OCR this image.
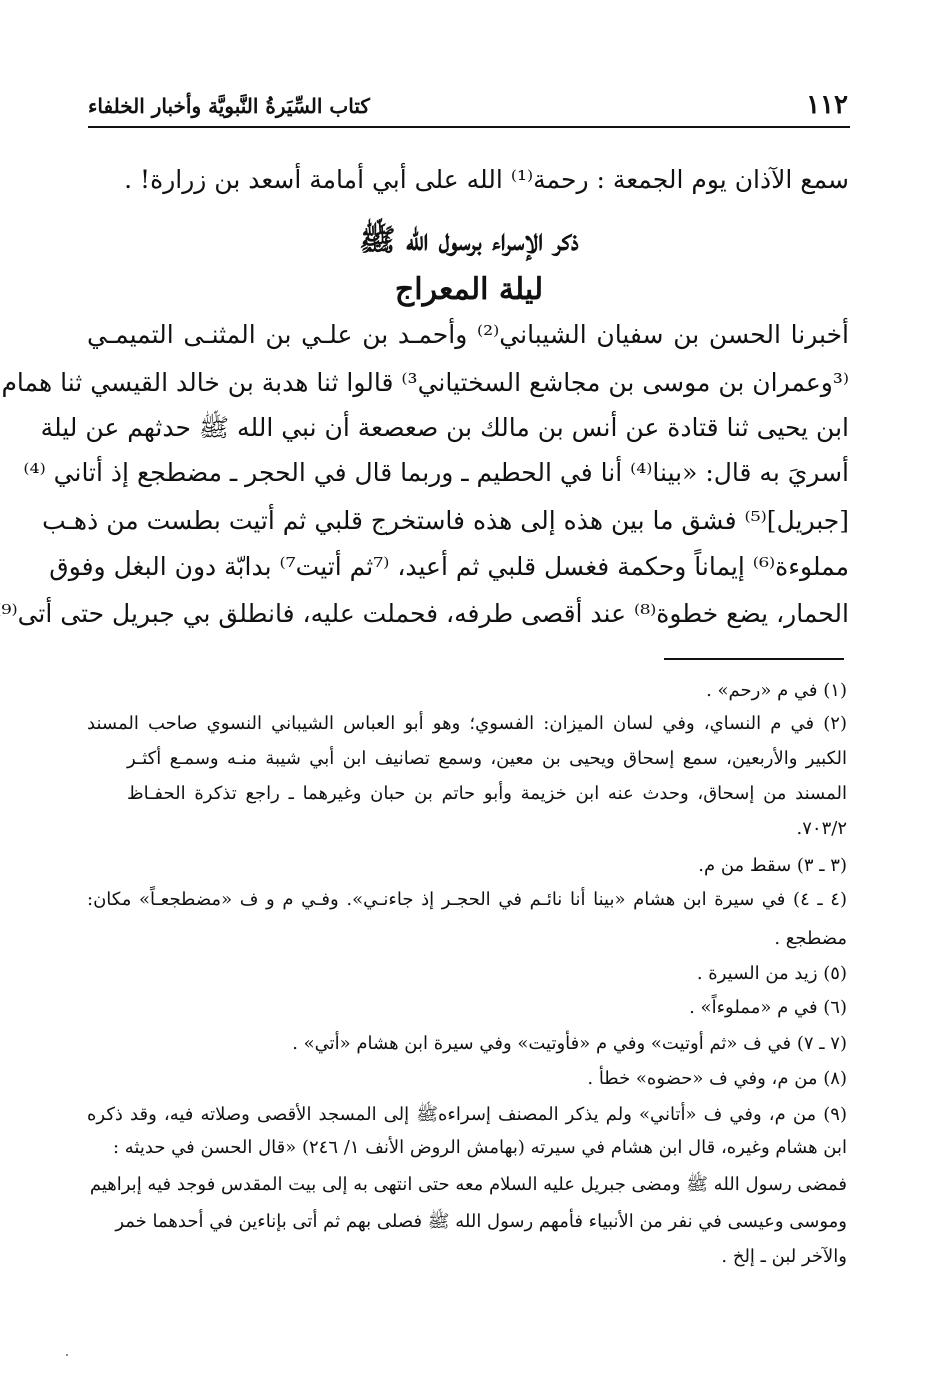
١١٢
كتاب السِّيَرةُ النَّبويَّة وأخبار الخلفاء
سمع الآذان يوم الجمعة : رحمة⁽¹⁾ الله على أبي أمامة أسعد بن زرارة! .
ذكر الإسراء برسول الله ﷺ
ليلة المعراج
أخبرنا الحسن بن سفيان الشيباني⁽²⁾ وأحمـد بن علـي بن المثنـى التميمـي
⁽³وعمران بن موسى بن مجاشع السختياني³⁾ قالوا ثنا هدبة بن خالد القيسي ثنا همام
ابن يحيى ثنا قتادة عن أنس بن مالك بن صعصعة أن نبي الله ﷺ حدثهم عن ليلة
أسريَ به قال: «بينا⁽⁴⁾ أنا في الحطيم ـ وربما قال في الحجر ـ مضطجع إذ أتاني ⁽⁴⁾
[جبريل]⁽⁵⁾ فشق ما بين هذه إلى هذه فاستخرج قلبي ثم أتيت بطست من ذهـب
مملوءة⁽⁶⁾ إيماناً وحكمة فغسل قلبي ثم أعيد، ⁽⁷ثم أتيت⁷⁾ بدابّة دون البغل وفوق
الحمار، يضع خطوة⁽⁸⁾ عند أقصى طرفه، فحملت عليه، فانطلق بي جبريل حتى أتى⁽⁹
(١) في م «رحم» .
(٢) في م النساي، وفي لسان الميزان: الفسوي؛ وهو أبو العباس الشيباني النسوي صاحب المسند
الكبير والأربعين، سمع إسحاق ويحيى بن معين، وسمع تصانيف ابن أبي شيبة منـه وسمـع أكثـر
المسند من إسحاق، وحدث عنه ابن خزيمة وأبو حاتم بن حبان وغيرهما ـ راجع تذكرة الحفـاظ
٧٠٣/٢.
(٣ ـ ٣) سقط من م.
(٤ ـ ٤) في سيرة ابن هشام «بينا أنا نائـم في الحجـر إذ جاءنـي». وفـي م و ف «مضطجعـاً» مكان:
مضطجع .
(٥) زيد من السيرة .
(٦) في م «مملوءاً» .
(٧ ـ ٧) في ف «ثم أوتيت» وفي م «فأوتيت» وفي سيرة ابن هشام «أتي» .
(٨) من م، وفي ف «حضوه» خطأ .
(٩) من م، وفي ف «أتاني» ولم يذكر المصنف إسراءهﷺ إلى المسجد الأقصى وصلاته فيه، وقد ذكره
ابن هشام وغيره، قال ابن هشام في سيرته (بهامش الروض الأنف ١/ ٢٤٦) «قال الحسن في حديثه :
فمضى رسول الله ﷺ ومضى جبريل عليه السلام معه حتى انتهى به إلى بيت المقدس فوجد فيه إبراهيم
وموسى وعيسى في نفر من الأنبياء فأمهم رسول الله ﷺ فصلى بهم ثم أتى بإناءين في أحدهما خمر
والآخر لبن ـ إلخ .
